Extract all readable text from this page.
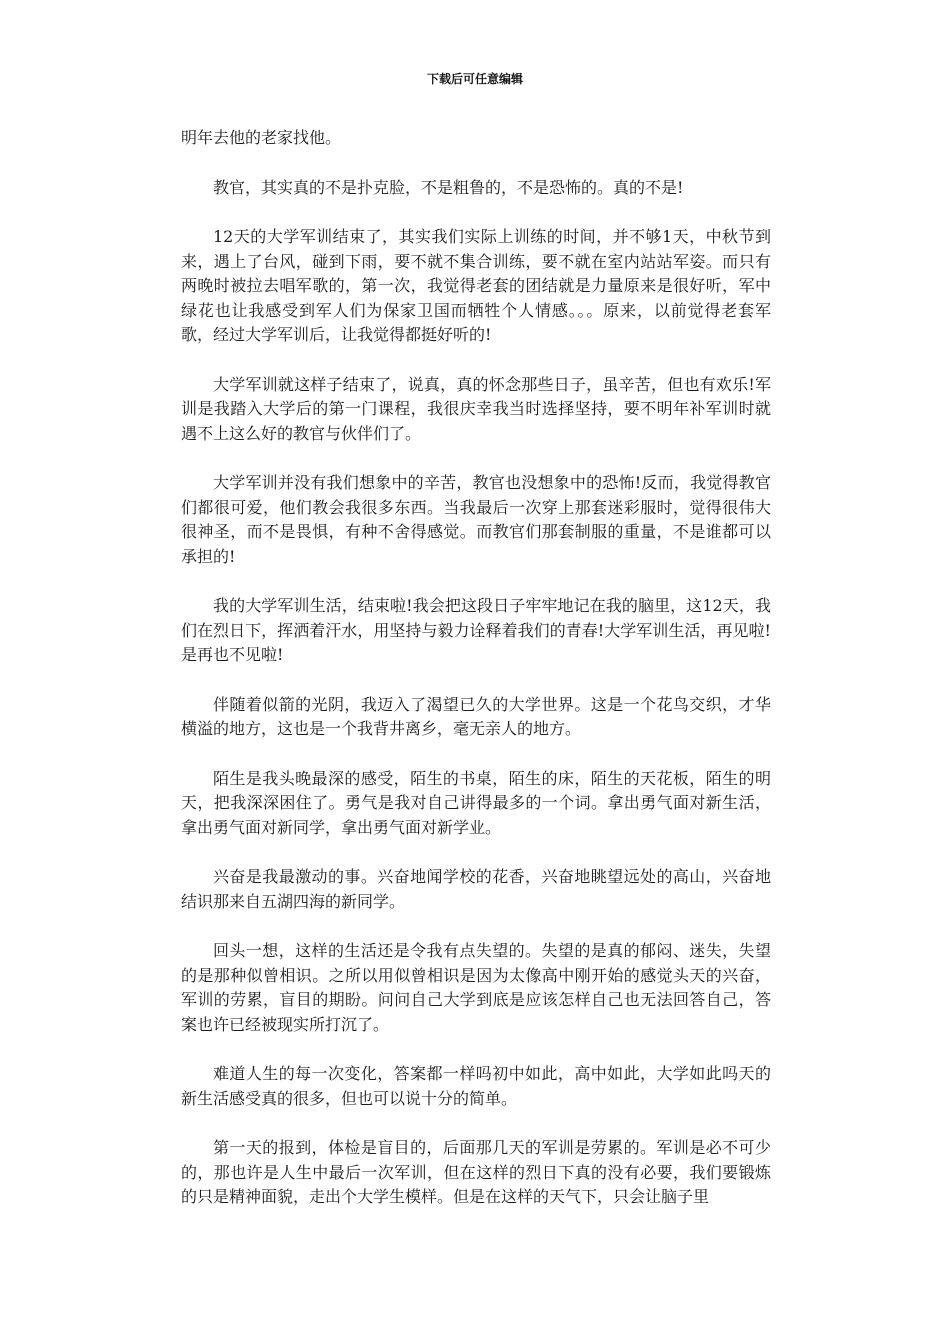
下载后可任意编辑

明年去他的老家找他。

教官，其实真的不是扑克脸，不是粗鲁的，不是恐怖的。真的不是!

12天的大学军训结束了，其实我们实际上训练的时间，并不够1天，中秋节到来，遇上了台风，碰到下雨，要不就不集合训练，要不就在室内站站军姿。而只有两晚时被拉去唱军歌的，第一次，我觉得老套的团结就是力量原来是很好听，军中绿花也让我感受到军人们为保家卫国而牺牲个人情感。。。原来，以前觉得老套军歌，经过大学军训后，让我觉得都挺好听的!

大学军训就这样子结束了，说真，真的怀念那些日子，虽辛苦，但也有欢乐!军训是我踏入大学后的第一门课程，我很庆幸我当时选择坚持，要不明年补军训时就遇不上这么好的教官与伙伴们了。

大学军训并没有我们想象中的辛苦，教官也没想象中的恐怖!反而，我觉得教官们都很可爱，他们教会我很多东西。当我最后一次穿上那套迷彩服时，觉得很伟大很神圣，而不是畏惧，有种不舍得感觉。而教官们那套制服的重量，不是谁都可以承担的!

我的大学军训生活，结束啦!我会把这段日子牢牢地记在我的脑里，这12天，我们在烈日下，挥洒着汗水，用坚持与毅力诠释着我们的青春!大学军训生活，再见啦!是再也不见啦!

伴随着似箭的光阴，我迈入了渴望已久的大学世界。这是一个花鸟交织，才华横溢的地方，这也是一个我背井离乡，毫无亲人的地方。

陌生是我头晚最深的感受，陌生的书桌，陌生的床，陌生的天花板，陌生的明天，把我深深困住了。勇气是我对自己讲得最多的一个词。拿出勇气面对新生活，拿出勇气面对新同学，拿出勇气面对新学业。

兴奋是我最激动的事。兴奋地闻学校的花香，兴奋地眺望远处的高山，兴奋地结识那来自五湖四海的新同学。

回头一想，这样的生活还是令我有点失望的。失望的是真的郁闷、迷失，失望的是那种似曾相识。之所以用似曾相识是因为太像高中刚开始的感觉头天的兴奋，军训的劳累，盲目的期盼。问问自己大学到底是应该怎样自己也无法回答自己，答案也许已经被现实所打沉了。

难道人生的每一次变化，答案都一样吗初中如此，高中如此，大学如此吗天的新生活感受真的很多，但也可以说十分的简单。

第一天的报到，体检是盲目的，后面那几天的军训是劳累的。军训是必不可少的，那也许是人生中最后一次军训，但在这样的烈日下真的没有必要，我们要锻炼的只是精神面貌，走出个大学生模样。但是在这样的天气下，只会让脑子里
